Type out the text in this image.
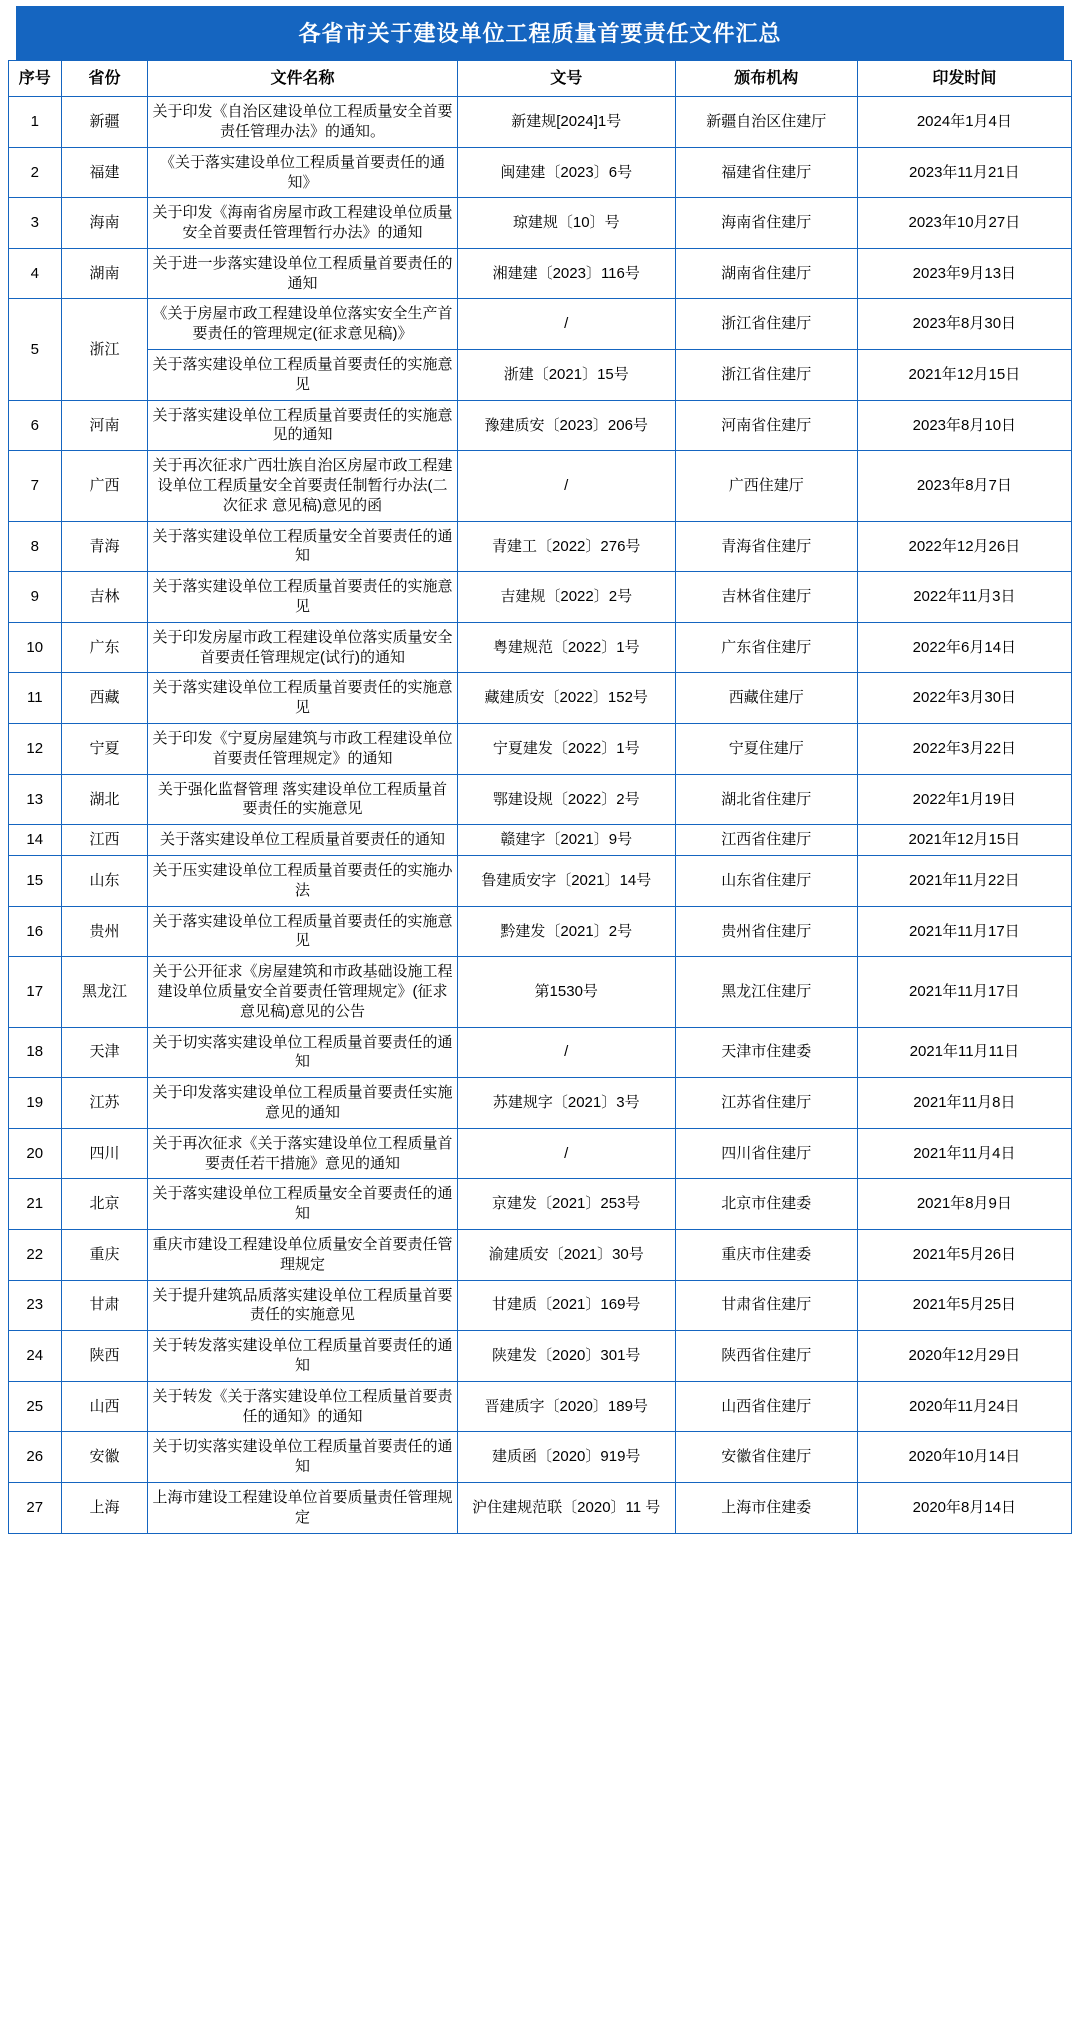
各省市关于建设单位工程质量首要责任文件汇总
序号	省份	文件名称	文号	颁布机构	印发时间
1	新疆	关于印发《自治区建设单位工程质量安全首要责任管理办法》的通知。	新建规[2024]1号	新疆自治区住建厅	2024年1月4日
2	福建	《关于落实建设单位工程质量首要责任的通知》	闽建建〔2023〕6号	福建省住建厅	2023年11月21日
3	海南	关于印发《海南省房屋市政工程建设单位质量安全首要责任管理暂行办法》的通知	琼建规〔10〕号	海南省住建厅	2023年10月27日
4	湖南	关于进一步落实建设单位工程质量首要责任的通知	湘建建〔2023〕116号	湖南省住建厅	2023年9月13日
5	浙江	《关于房屋市政工程建设单位落实安全生产首要责任的管理规定(征求意见稿)》	/	浙江省住建厅	2023年8月30日
		关于落实建设单位工程质量首要责任的实施意见	浙建〔2021〕15号	浙江省住建厅	2021年12月15日
6	河南	关于落实建设单位工程质量首要责任的实施意见的通知	豫建质安〔2023〕206号	河南省住建厅	2023年8月10日
7	广西	关于再次征求广西壮族自治区房屋市政工程建设单位工程质量安全首要责任制暂行办法(二次征求 意见稿)意见的函	/	广西住建厅	2023年8月7日
8	青海	关于落实建设单位工程质量安全首要责任的通知	青建工〔2022〕276号	青海省住建厅	2022年12月26日
9	吉林	关于落实建设单位工程质量首要责任的实施意见	吉建规〔2022〕2号	吉林省住建厅	2022年11月3日
10	广东	关于印发房屋市政工程建设单位落实质量安全首要责任管理规定(试行)的通知	粤建规范〔2022〕1号	广东省住建厅	2022年6月14日
11	西藏	关于落实建设单位工程质量首要责任的实施意见	藏建质安〔2022〕152号	西藏住建厅	2022年3月30日
12	宁夏	关于印发《宁夏房屋建筑与市政工程建设单位首要责任管理规定》的通知	宁夏建发〔2022〕1号	宁夏住建厅	2022年3月22日
13	湖北	关于强化监督管理 落实建设单位工程质量首要责任的实施意见	鄂建设规〔2022〕2号	湖北省住建厅	2022年1月19日
14	江西	关于落实建设单位工程质量首要责任的通知	赣建字〔2021〕9号	江西省住建厅	2021年12月15日
15	山东	关于压实建设单位工程质量首要责任的实施办法	鲁建质安字〔2021〕14号	山东省住建厅	2021年11月22日
16	贵州	关于落实建设单位工程质量首要责任的实施意见	黔建发〔2021〕2号	贵州省住建厅	2021年11月17日
17	黑龙江	关于公开征求《房屋建筑和市政基础设施工程建设单位质量安全首要责任管理规定》(征求意见稿)意见的公告	第1530号	黑龙江住建厅	2021年11月17日
18	天津	关于切实落实建设单位工程质量首要责任的通知	/	天津市住建委	2021年11月11日
19	江苏	关于印发落实建设单位工程质量首要责任实施意见的通知	苏建规字〔2021〕3号	江苏省住建厅	2021年11月8日
20	四川	关于再次征求《关于落实建设单位工程质量首要责任若干措施》意见的通知	/	四川省住建厅	2021年11月4日
21	北京	关于落实建设单位工程质量安全首要责任的通知	京建发〔2021〕253号	北京市住建委	2021年8月9日
22	重庆	重庆市建设工程建设单位质量安全首要责任管理规定	渝建质安〔2021〕30号	重庆市住建委	2021年5月26日
23	甘肃	关于提升建筑品质落实建设单位工程质量首要责任的实施意见	甘建质〔2021〕169号	甘肃省住建厅	2021年5月25日
24	陕西	关于转发落实建设单位工程质量首要责任的通知	陕建发〔2020〕301号	陕西省住建厅	2020年12月29日
25	山西	关于转发《关于落实建设单位工程质量首要责任的通知》的通知	晋建质字〔2020〕189号	山西省住建厅	2020年11月24日
26	安徽	关于切实落实建设单位工程质量首要责任的通知	建质函〔2020〕919号	安徽省住建厅	2020年10月14日
27	上海	上海市建设工程建设单位首要质量责任管理规定	沪住建规范联〔2020〕11 号	上海市住建委	2020年8月14日
